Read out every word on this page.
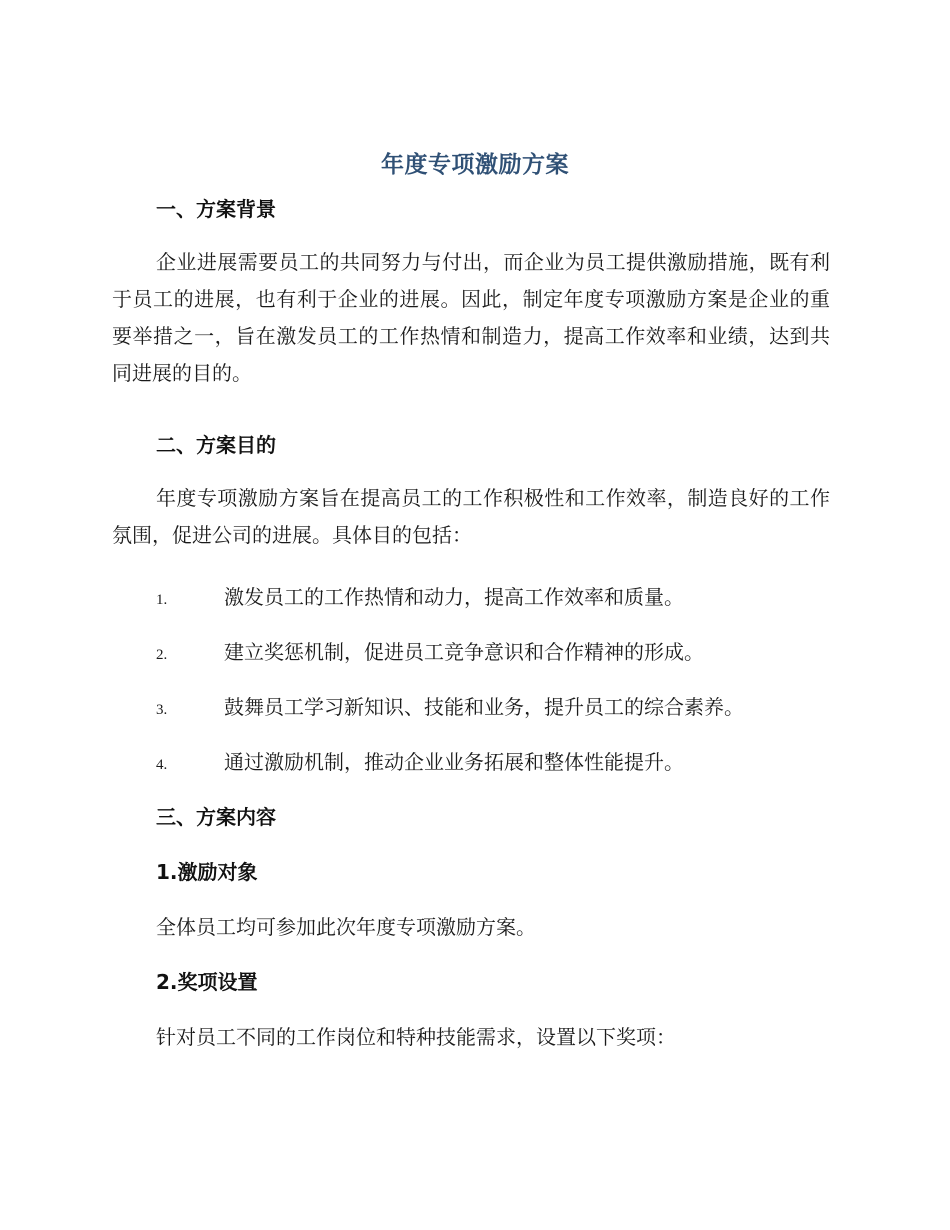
年度专项激励方案
一、方案背景

企业进展需要员工的共同努力与付出，而企业为员工提供激励措施，既有利于员工的进展，也有利于企业的进展。因此，制定年度专项激励方案是企业的重要举措之一，旨在激发员工的工作热情和制造力，提高工作效率和业绩，达到共同进展的目的。

二、方案目的

年度专项激励方案旨在提高员工的工作积极性和工作效率，制造良好的工作氛围，促进公司的进展。具体目的包括：

1.	激发员工的工作热情和动力，提高工作效率和质量。
2.	建立奖惩机制，促进员工竞争意识和合作精神的形成。
3.	鼓舞员工学习新知识、技能和业务，提升员工的综合素养。
4.	通过激励机制，推动企业业务拓展和整体性能提升。
三、方案内容
1.激励对象

全体员工均可参加此次年度专项激励方案。

2.奖项设置

针对员工不同的工作岗位和特种技能需求，设置以下奖项：
